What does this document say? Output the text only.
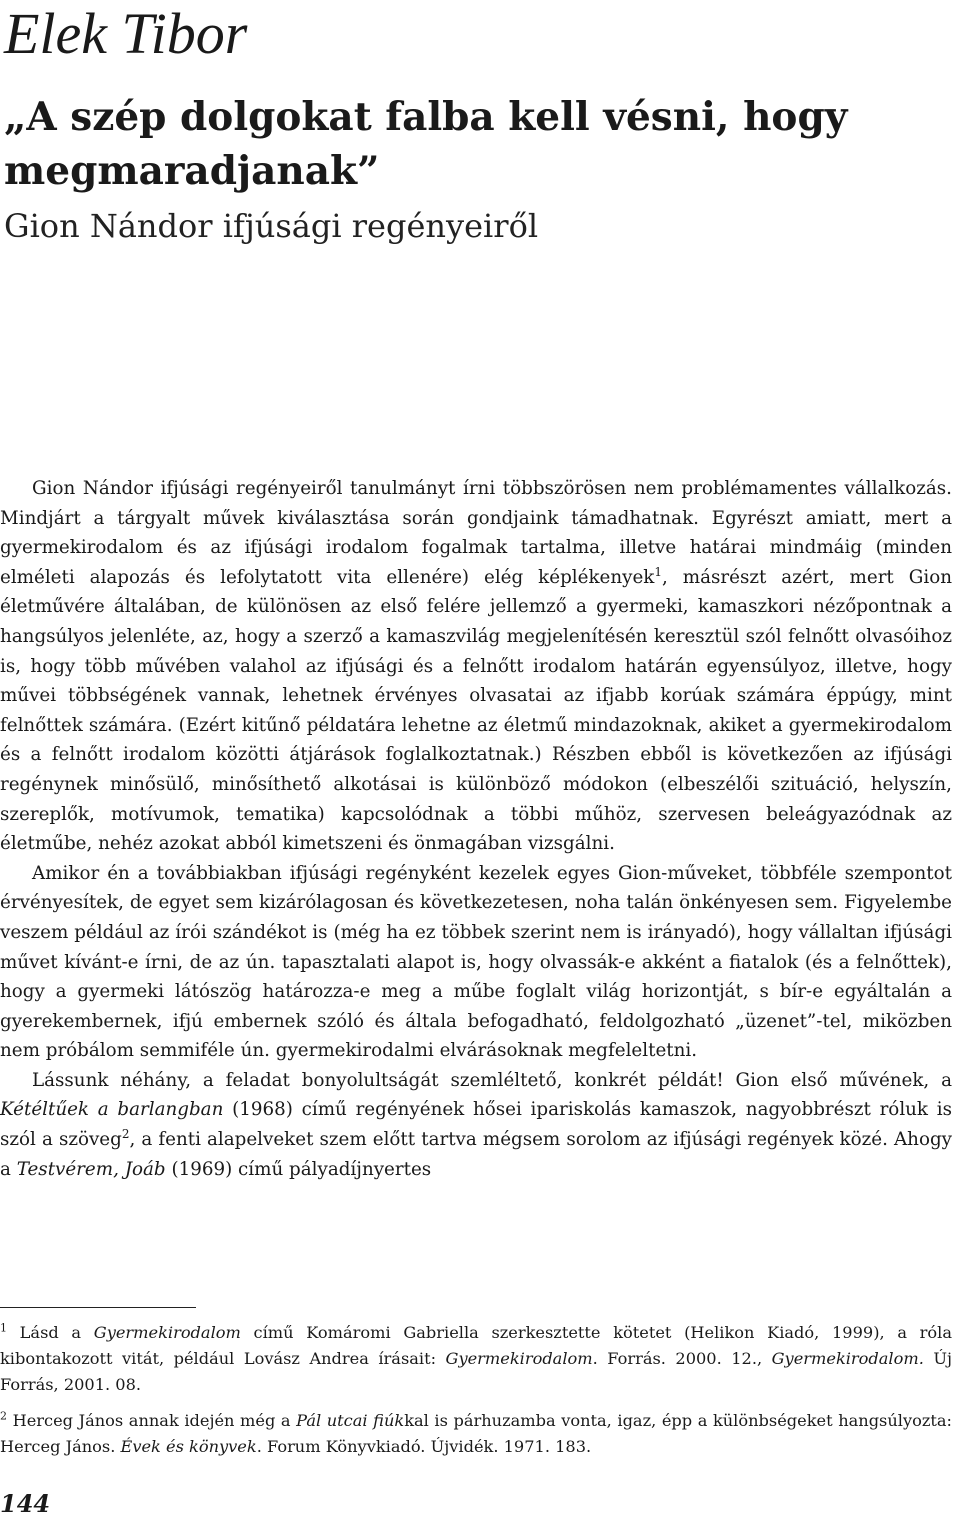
Elek Tibor
„A szép dolgokat falba kell vésni, hogy megmaradjanak”
Gion Nándor ifjúsági regényeiről

Gion Nándor ifjúsági regényeiről tanulmányt írni többszörösen nem problémamentes vállalkozás. Mindjárt a tárgyalt művek kiválasztása során gondjaink támadhatnak. Egyrészt amiatt, mert a gyermekirodalom és az ifjúsági irodalom fogalmak tartalma, illetve határai mindmáig (minden elméleti alapozás és lefolytatott vita ellenére) elég képlékenyek$^1$, másrészt azért, mert Gion életművére általában, de különösen az első felére jellemző a gyermeki, kamaszkori nézőpontnak a hangsúlyos jelenléte, az, hogy a szerző a kamaszvilág megjelenítésén keresztül szól felnőtt olvasóihoz is, hogy több művében valahol az ifjúsági és a felnőtt irodalom határán egyensúlyoz, illetve, hogy művei többségének vannak, lehetnek érvényes olvasatai az ifjabb korúak számára éppúgy, mint felnőttek számára. (Ezért kitűnő példatára lehetne az életmű mindazoknak, akiket a gyermekirodalom és a felnőtt irodalom közötti átjárások foglalkoztatnak.) Részben ebből is következően az ifjúsági regénynek minősülő, minősíthető alkotásai is különböző módokon (elbeszélői szituáció, helyszín, szereplők, motívumok, tematika) kapcsolódnak a többi műhöz, szervesen beleágyazódnak az életműbe, nehéz azokat abból kimetszeni és önmagában vizsgálni.

Amikor én a továbbiakban ifjúsági regényként kezelek egyes Gion-műveket, többféle szempontot érvényesítek, de egyet sem kizárólagosan és következetesen, noha talán önkényesen sem. Figyelembe veszem például az írói szándékot is (még ha ez többek szerint nem is irányadó), hogy vállaltan ifjúsági művet kívánt-e írni, de az ún. tapasztalati alapot is, hogy olvassák-e akként a fiatalok (és a felnőttek), hogy a gyermeki látószög határozza-e meg a műbe foglalt világ horizontját, s bír-e egyáltalán a gyerekembernek, ifjú embernek szóló és általa befogadható, feldolgozható „üzenet”-tel, miközben nem próbálom semmiféle ún. gyermekirodalmi elvárásoknak megfeleltetni.

Lássunk néhány, a feladat bonyolultságát szemléltető, konkrét példát! Gion első művének, a Kétéltűek a barlangban (1968) című regényének hősei ipariskolás kamaszok, nagyobbrészt róluk is szól a szöveg$^2$, a fenti alapelveket szem előtt tartva mégsem sorolom az ifjúsági regények közé. Ahogy a Testvérem, Joáb (1969) című pályadíjnyertes

$^1$ Lásd a Gyermekirodalom című Komáromi Gabriella szerkesztette kötetet (Helikon Kiadó, 1999), a róla kibontakozott vitát, például Lovász Andrea írásait: Gyermekirodalom. Forrás. 2000. 12., Gyermekirodalom. Új Forrás, 2001. 08.

$^2$ Herceg János annak idején még a Pál utcai fiúkkal is párhuzamba vonta, igaz, épp a különbségeket hangsúlyozta: Herceg János. Évek és könyvek. Forum Könyvkiadó. Újvidék. 1971. 183.

144
